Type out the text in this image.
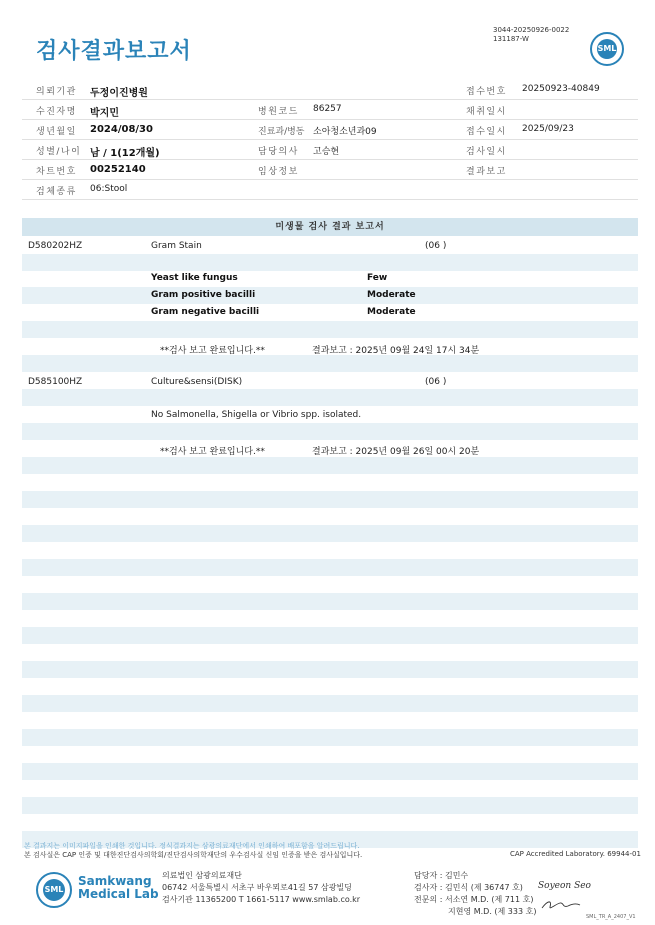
검사결과보고서
3044-20250926-0022
131187-W
SML
의뢰기관 두정이진병원	접수번호 20250923-40849
수진자명 박지민	병원코드 86257	채취일시
생년월일 2024/08/30	진료과/병동 소아청소년과09	접수일시 2025/09/23
성별/나이 남 / 1(12개월)	담당의사 고승현	검사일시
차트번호 00252140	임상정보	결과보고
검체종류 06:Stool
미생물 검사 결과 보고서
D580202HZ	Gram Stain	(06 )
Yeast like fungus	Few
Gram positive bacilli	Moderate
Gram negative bacilli	Moderate
**검사 보고 완료입니다.**	결과보고 : 2025년 09월 24일 17시 34분
D585100HZ	Culture&sensi(DISK)	(06 )
No Salmonella, Shigella or Vibrio spp. isolated.
**검사 보고 완료입니다.**	결과보고 : 2025년 09월 26일 00시 20분
본 결과지는 이미지파일을 인쇄한 것입니다. 정식결과지는 삼광의료재단에서 인쇄하여 배포함을 알려드립니다.
본 검사실은 CAP 인증 및 대한진단검사의학회/진단검사의학재단의 우수검사실 신임 인증을 받은 검사실입니다.	CAP Accredited Laboratory. 69944-01
SML
Samkwang
Medical Lab
의료법인 삼광의료재단
06742 서울특별시 서초구 바우뫼로41길 57 삼광빌딩
검사기관 11365200 T 1661-5117 www.smlab.co.kr
담당자 : 김민수
검사자 : 김민식 (제 36747 호)
전문의 : 서소연 M.D. (제 711 호)
지현영 M.D. (제 333 호)
Soyeon Seo
SML_TR_A_2407_V1
